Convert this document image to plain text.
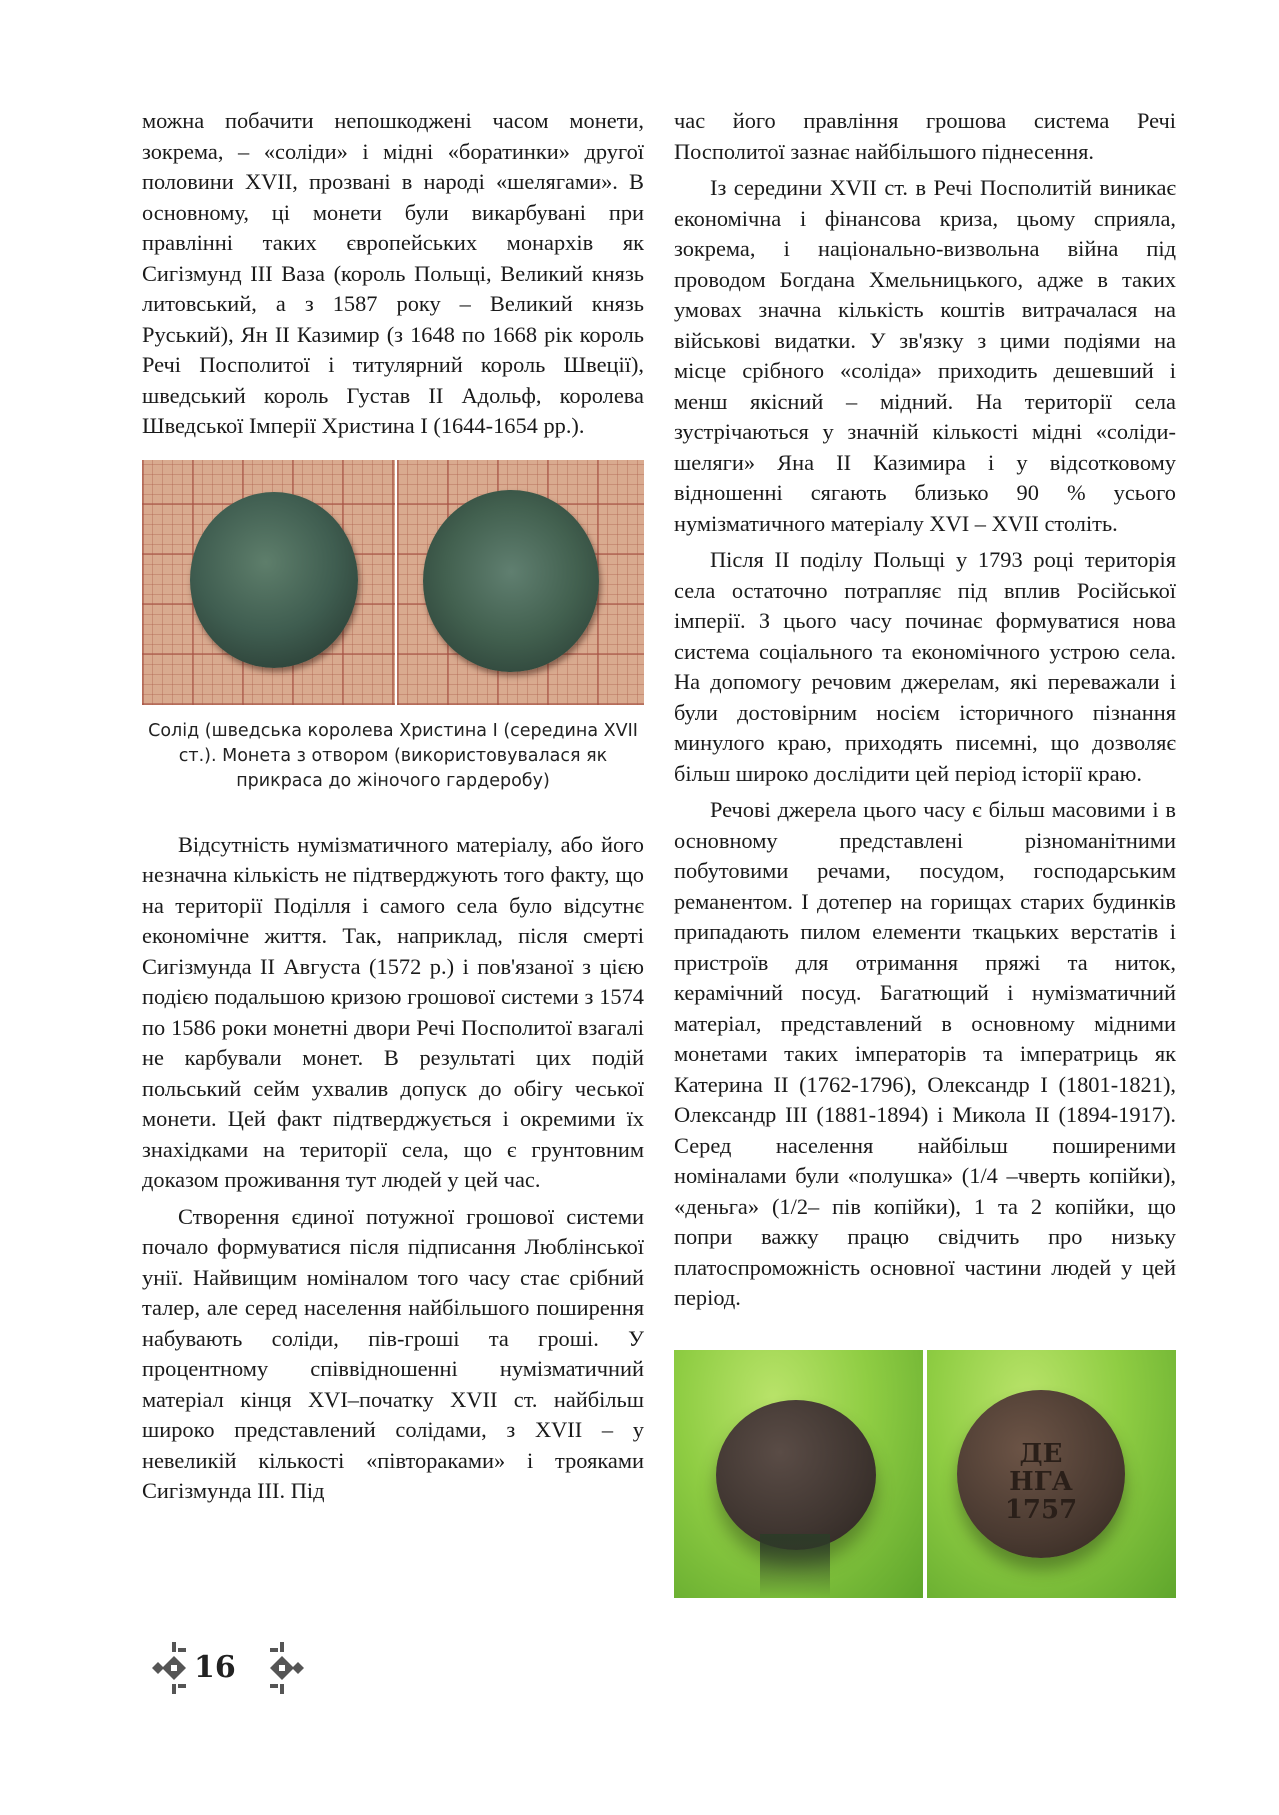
можна побачити непошкоджені часом монети, зокрема, – «соліди» і мідні «боратинки» другої половини XVII, прозвані в народі «шелягами». В основному, ці монети були викарбувані при правлінні таких європейських монархів як Сигізмунд III Ваза (король Польщі, Великий князь литовський, а з 1587 року – Великий князь Руський), Ян II Казимир (з 1648 по 1668 рік король Речі Посполитої і титулярний король Швеції), шведський король Густав II Адольф, королева Шведської Імперії Христина I (1644-1654 рр.).

Солід (шведська королева Христина I (середина XVII ст.). Монета з отвором (використовувалася як прикраса до жіночого гардеробу)

Відсутність нумізматичного матеріалу, або його незначна кількість не підтверджують того факту, що на території Поділля і самого села було відсутнє економічне життя. Так, наприклад, після смерті Сигізмунда II Августа (1572 р.) і пов'язаної з цією подією подальшою кризою грошової системи з 1574 по 1586 роки монетні двори Речі Посполитої взагалі не карбували монет. В результаті цих подій польський сейм ухвалив допуск до обігу чеської монети. Цей факт підтверджується і окремими їх знахідками на території села, що є грунтовним доказом проживання тут людей у цей час.

Створення єдиної потужної грошової системи почало формуватися після підписання Люблінської унії. Найвищим номіналом того часу стає срібний талер, але серед населення найбільшого поширення набувають соліди, пів-гроші та гроші. У процентному співвідношенні нумізматичний матеріал кінця XVI–початку XVII ст. найбільш широко представлений солідами, з XVII – у невеликій кількості «півтораками» і трояками Сигізмунда III. Під

час його правління грошова система Речі Посполитої зазнає найбільшого піднесення.

Із середини XVII ст. в Речі Посполитій виникає економічна і фінансова криза, цьому сприяла, зокрема, і національно-визвольна війна під проводом Богдана Хмельницького, адже в таких умовах значна кількість коштів витрачалася на військові видатки. У зв'язку з цими подіями на місце срібного «соліда» приходить дешевший і менш якісний – мідний. На території села зустрічаються у значній кількості мідні «соліди-шеляги» Яна II Казимира і у відсотковому відношенні сягають близько 90 % усього нумізматичного матеріалу XVI – XVII століть.

Після II поділу Польщі у 1793 році територія села остаточно потрапляє під вплив Російської імперії. З цього часу починає формуватися нова система соціального та економічного устрою села. На допомогу речовим джерелам, які переважали і були достовірним носієм історичного пізнання минулого краю, приходять писемні, що дозволяє більш широко дослідити цей період історії краю.

Речові джерела цього часу є більш масовими і в основному представлені різноманітними побутовими речами, посудом, господарським реманентом. І дотепер на горищах старих будинків припадають пилом елементи ткацьких верстатів і пристроїв для отримання пряжі та ниток, керамічний посуд. Багатющий і нумізматичний матеріал, представлений в основному мідними монетами таких імператорів та імператриць як Катерина II (1762-1796), Олександр I (1801-1821), Олександр III (1881-1894) і Микола II (1894-1917). Серед населення найбільш поширеними номіналами були «полушка» (1/4 –чверть копійки), «деньга» (1/2– пів копійки), 1 та 2 копійки, що попри важку працю свідчить про низьку платоспроможність основної частини людей у цей період.

ДЕ
НГА
1757
16
